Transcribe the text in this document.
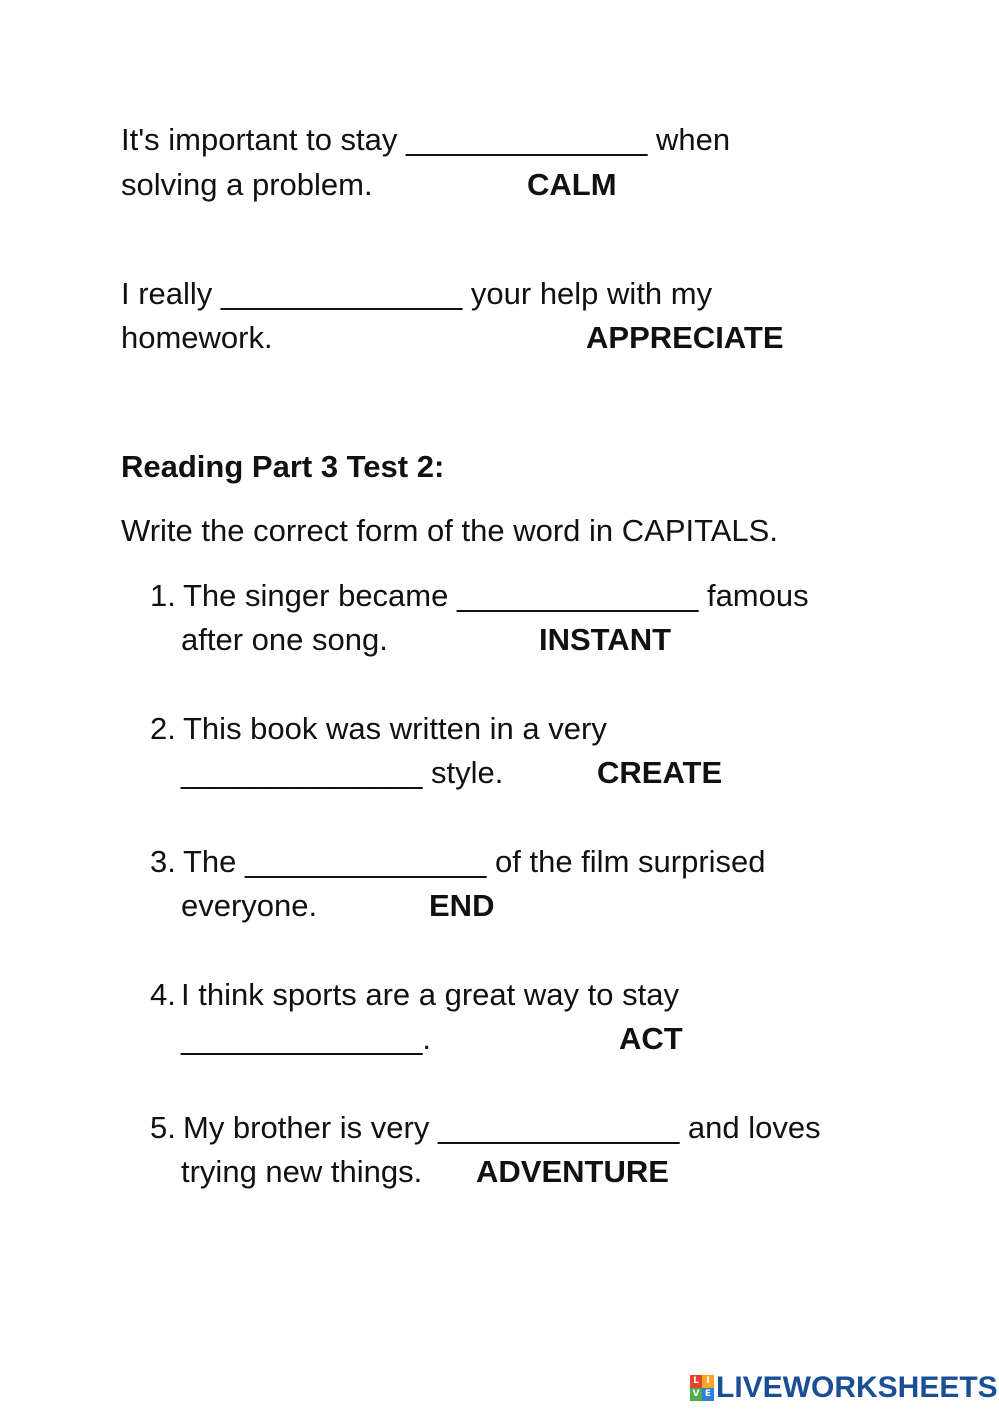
It's important to stay ______________ when

solving a problem.	CALM

I really ______________ your help with my

homework.	APPRECIATE

Reading Part 3 Test 2:

Write the correct form of the word in CAPITALS.

1. The singer became ______________ famous

after one song.	INSTANT

2. This book was written in a very

______________ style.	CREATE

3. The ______________ of the film surprised

everyone.	END

4. I think sports are a great way to stay

______________.	ACT

5. My brother is very ______________ and loves

trying new things. ADVENTURE

L I
V E LIVEWORKSHEETS
